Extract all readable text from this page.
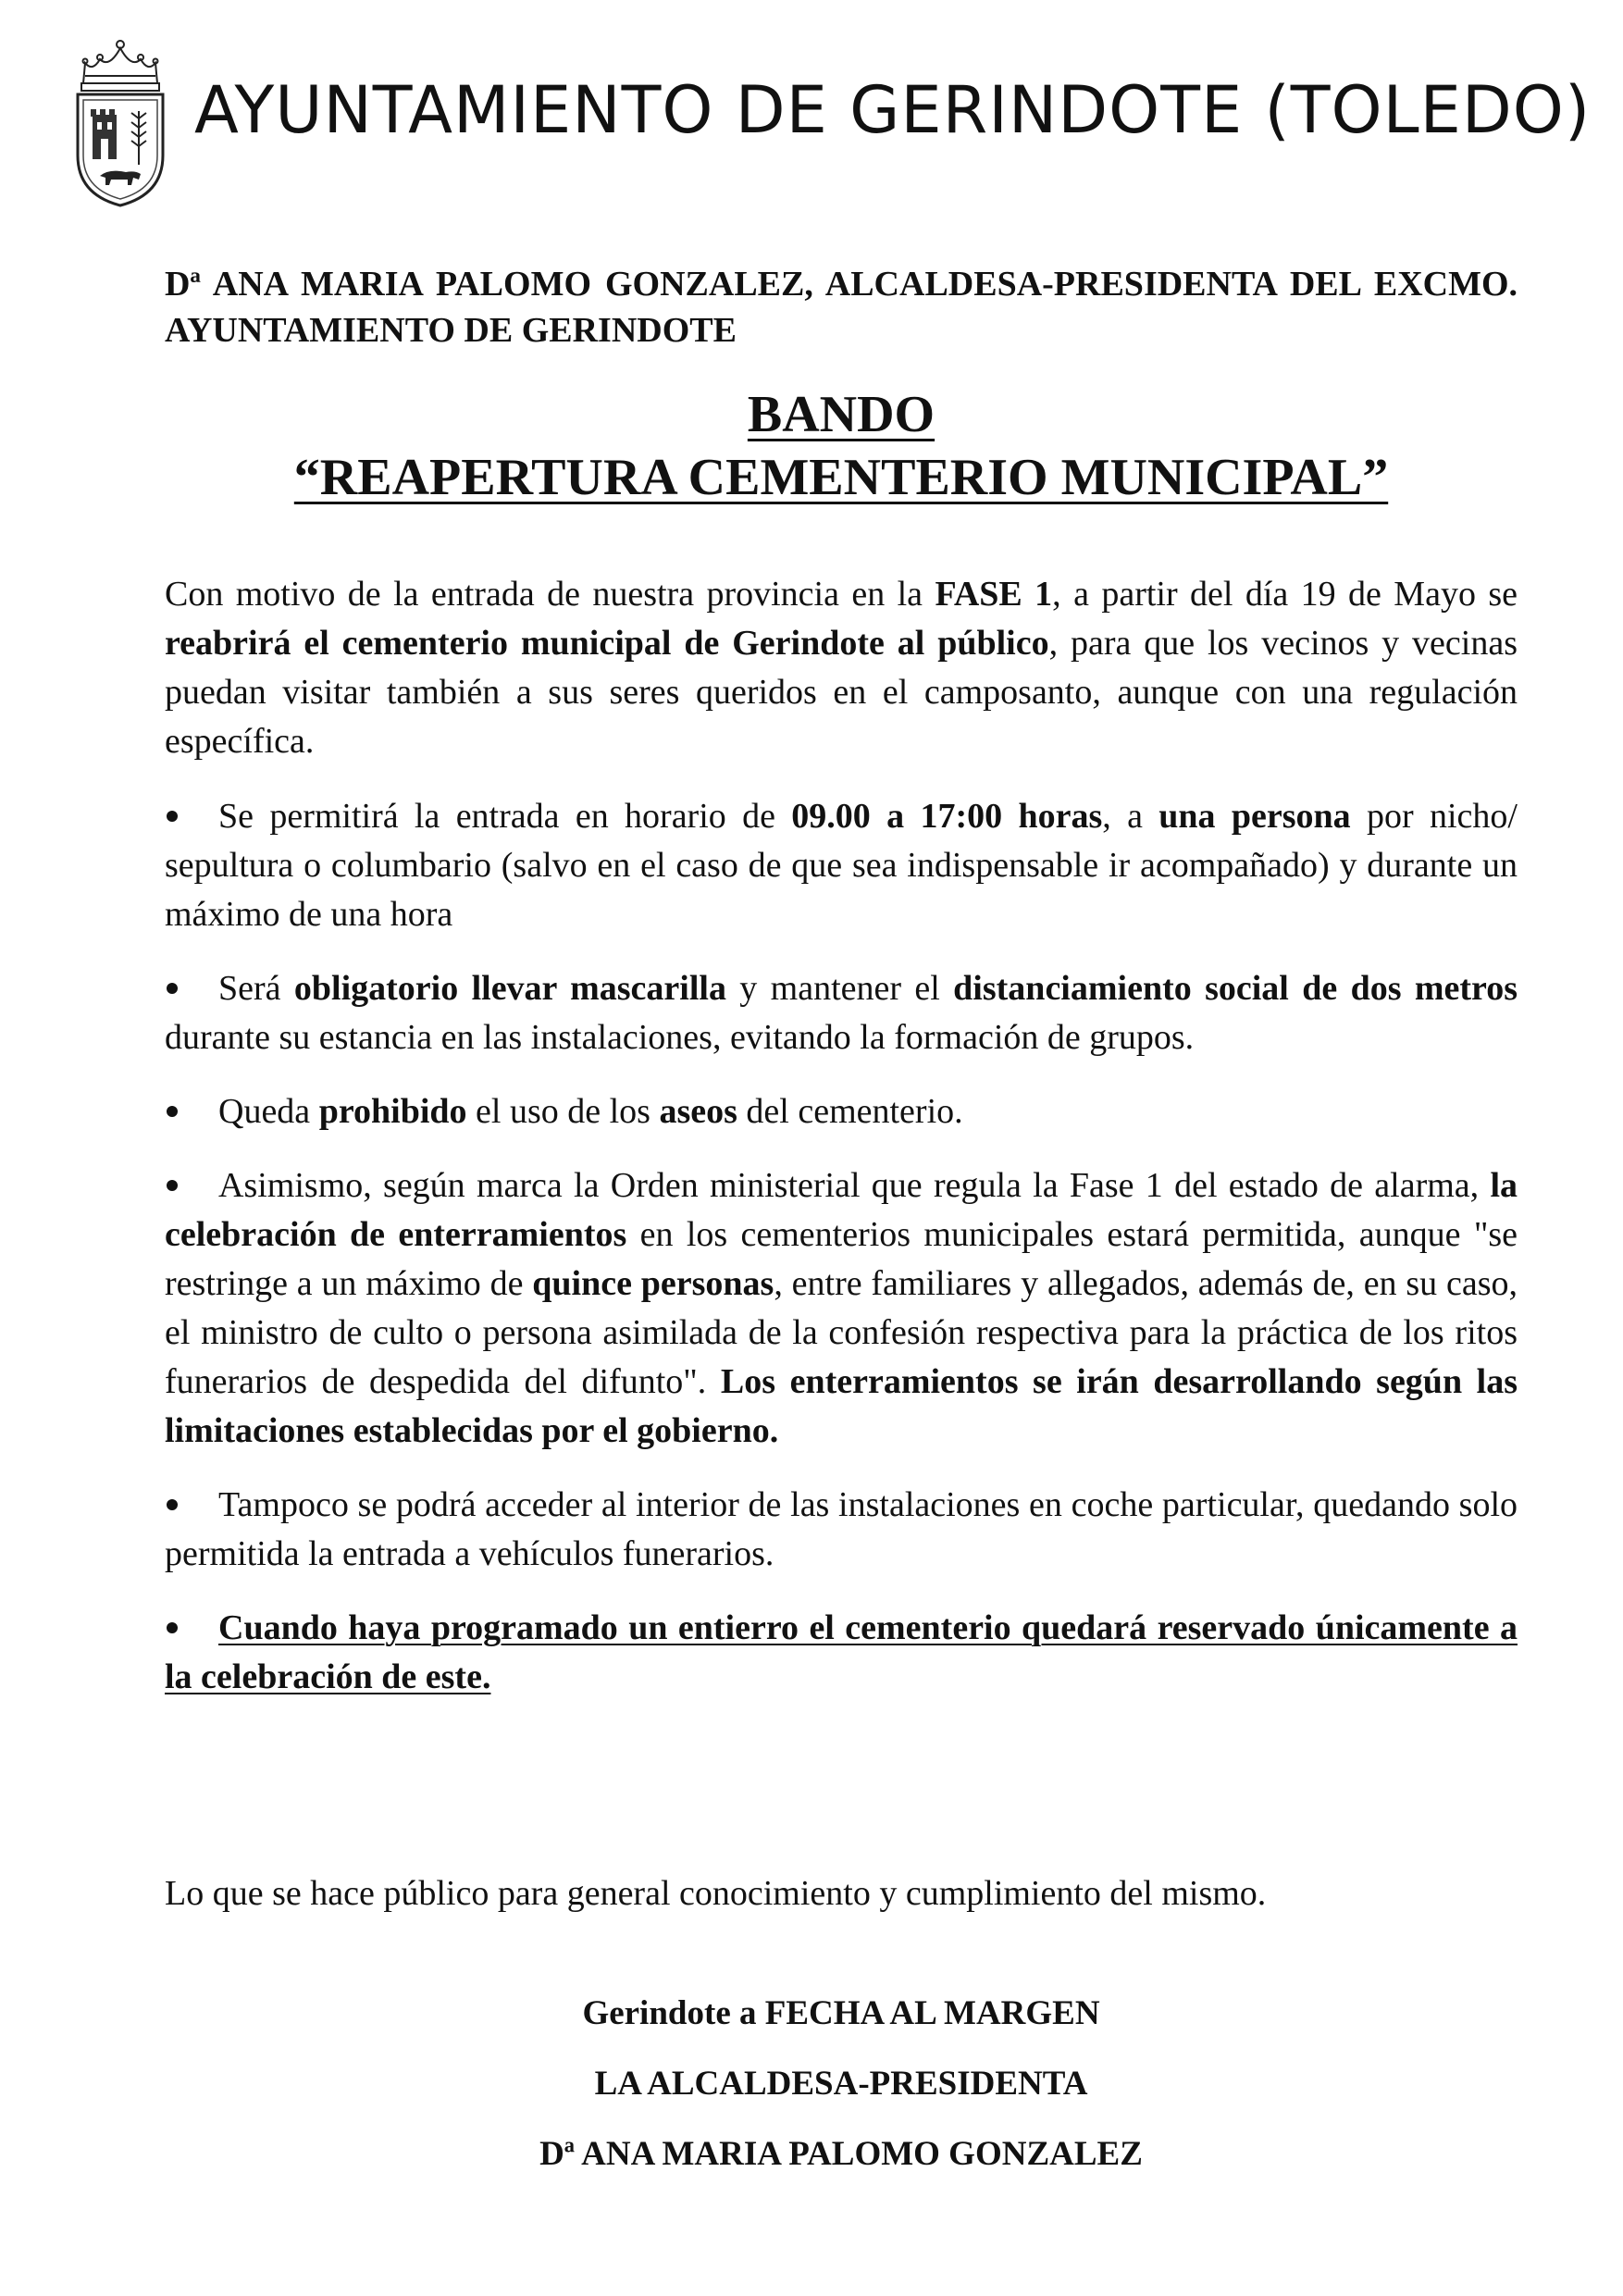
AYUNTAMIENTO DE GERINDOTE (TOLEDO)
Dª ANA MARIA PALOMO GONZALEZ, ALCALDESA-PRESIDENTA DEL EXCMO. AYUNTAMIENTO DE GERINDOTE
BANDO
“REAPERTURA CEMENTERIO MUNICIPAL”

Con motivo de la entrada de nuestra provincia en la FASE 1, a partir del día 19 de Mayo se reabrirá el cementerio municipal de Gerindote al público, para que los vecinos y vecinas puedan visitar también a sus seres queridos en el camposanto, aunque con una regulación específica.

Se permitirá la entrada en horario de 09.00 a 17:00 horas, a una persona por nicho/ sepultura o columbario (salvo en el caso de que sea indispensable ir acompañado) y durante un máximo de una hora

Será obligatorio llevar mascarilla y mantener el distanciamiento social de dos metros durante su estancia en las instalaciones, evitando la formación de grupos.

Queda prohibido el uso de los aseos del cementerio.

Asimismo, según marca la Orden ministerial que regula la Fase 1 del estado de alarma, la celebración de enterramientos en los cementerios municipales estará permitida, aunque "se restringe a un máximo de quince personas, entre familiares y allegados, además de, en su caso, el ministro de culto o persona asimilada de la confesión respectiva para la práctica de los ritos funerarios de despedida del difunto". Los enterramientos se irán desarrollando según las limitaciones establecidas por el gobierno.

Tampoco se podrá acceder al interior de las instalaciones en coche particular, quedando solo permitida la entrada a vehículos funerarios.

Cuando haya programado un entierro el cementerio quedará reservado únicamente a la celebración de este.

Lo que se hace público para general conocimiento y cumplimiento del mismo.
Gerindote a FECHA AL MARGEN
LA ALCALDESA-PRESIDENTA
Dª ANA MARIA PALOMO GONZALEZ
